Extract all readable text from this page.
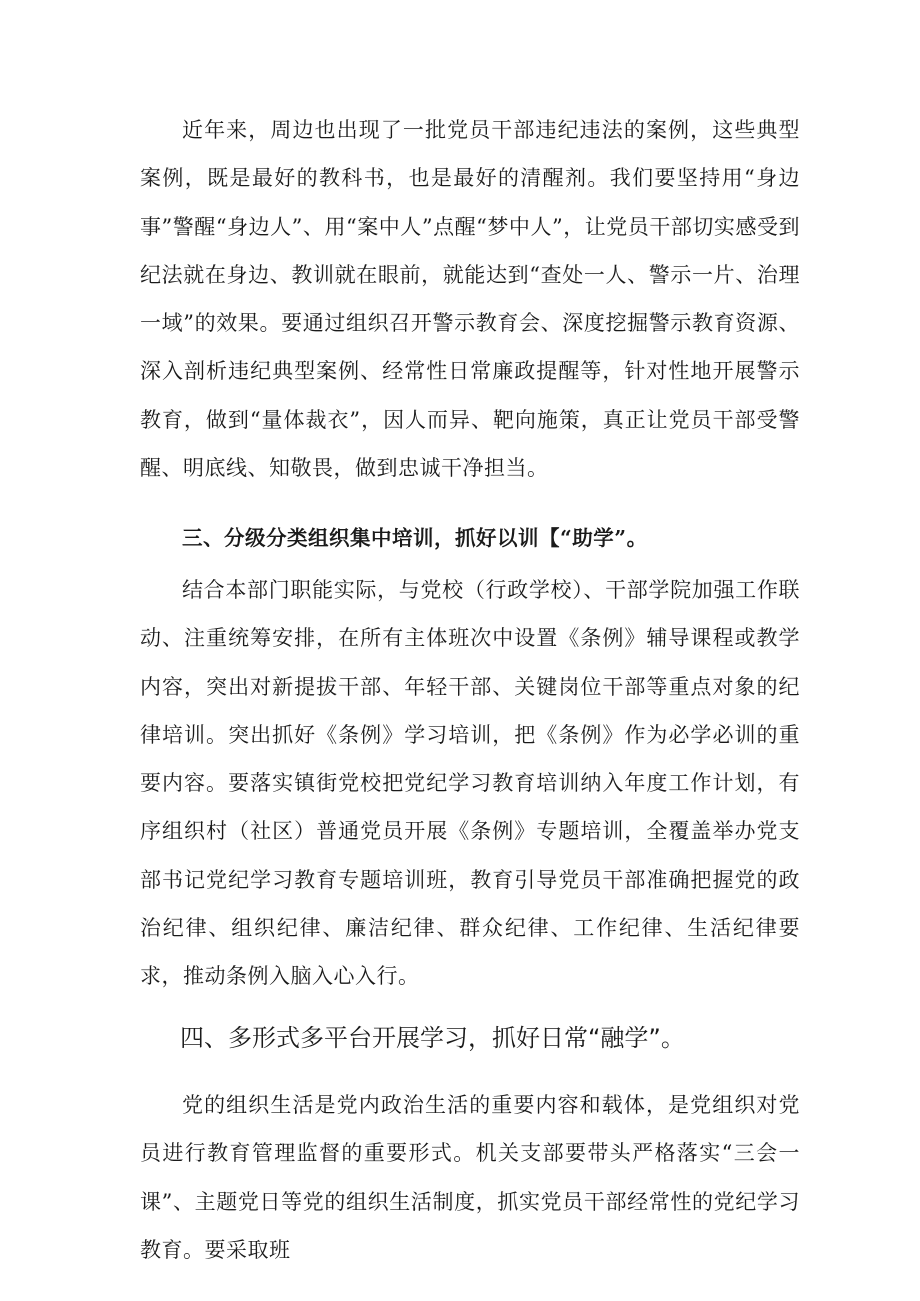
近年来，周边也出现了一批党员干部违纪违法的案例，这些典型案例，既是最好的教科书，也是最好的清醒剂。我们要坚持用“身边事”警醒“身边人”、用“案中人”点醒“梦中人”，让党员干部切实感受到纪法就在身边、教训就在眼前，就能达到“查处一人、警示一片、治理一域”的效果。要通过组织召开警示教育会、深度挖掘警示教育资源、深入剖析违纪典型案例、经常性日常廉政提醒等，针对性地开展警示教育，做到“量体裁衣”，因人而异、靶向施策，真正让党员干部受警醒、明底线、知敬畏，做到忠诚干净担当。

三、分级分类组织集中培训，抓好以训【“助学”。

结合本部门职能实际，与党校（行政学校）、干部学院加强工作联动、注重统筹安排，在所有主体班次中设置《条例》辅导课程或教学内容，突出对新提拔干部、年轻干部、关键岗位干部等重点对象的纪律培训。突出抓好《条例》学习培训，把《条例》作为必学必训的重要内容。要落实镇街党校把党纪学习教育培训纳入年度工作计划，有序组织村（社区）普通党员开展《条例》专题培训，全覆盖举办党支部书记党纪学习教育专题培训班，教育引导党员干部准确把握党的政治纪律、组织纪律、廉洁纪律、群众纪律、工作纪律、生活纪律要求，推动条例入脑入心入行。

四、多形式多平台开展学习，抓好日常“融学”。

党的组织生活是党内政治生活的重要内容和载体，是党组织对党员进行教育管理监督的重要形式。机关支部要带头严格落实“三会一课”、主题党日等党的组织生活制度，抓实党员干部经常性的党纪学习教育。要采取班
